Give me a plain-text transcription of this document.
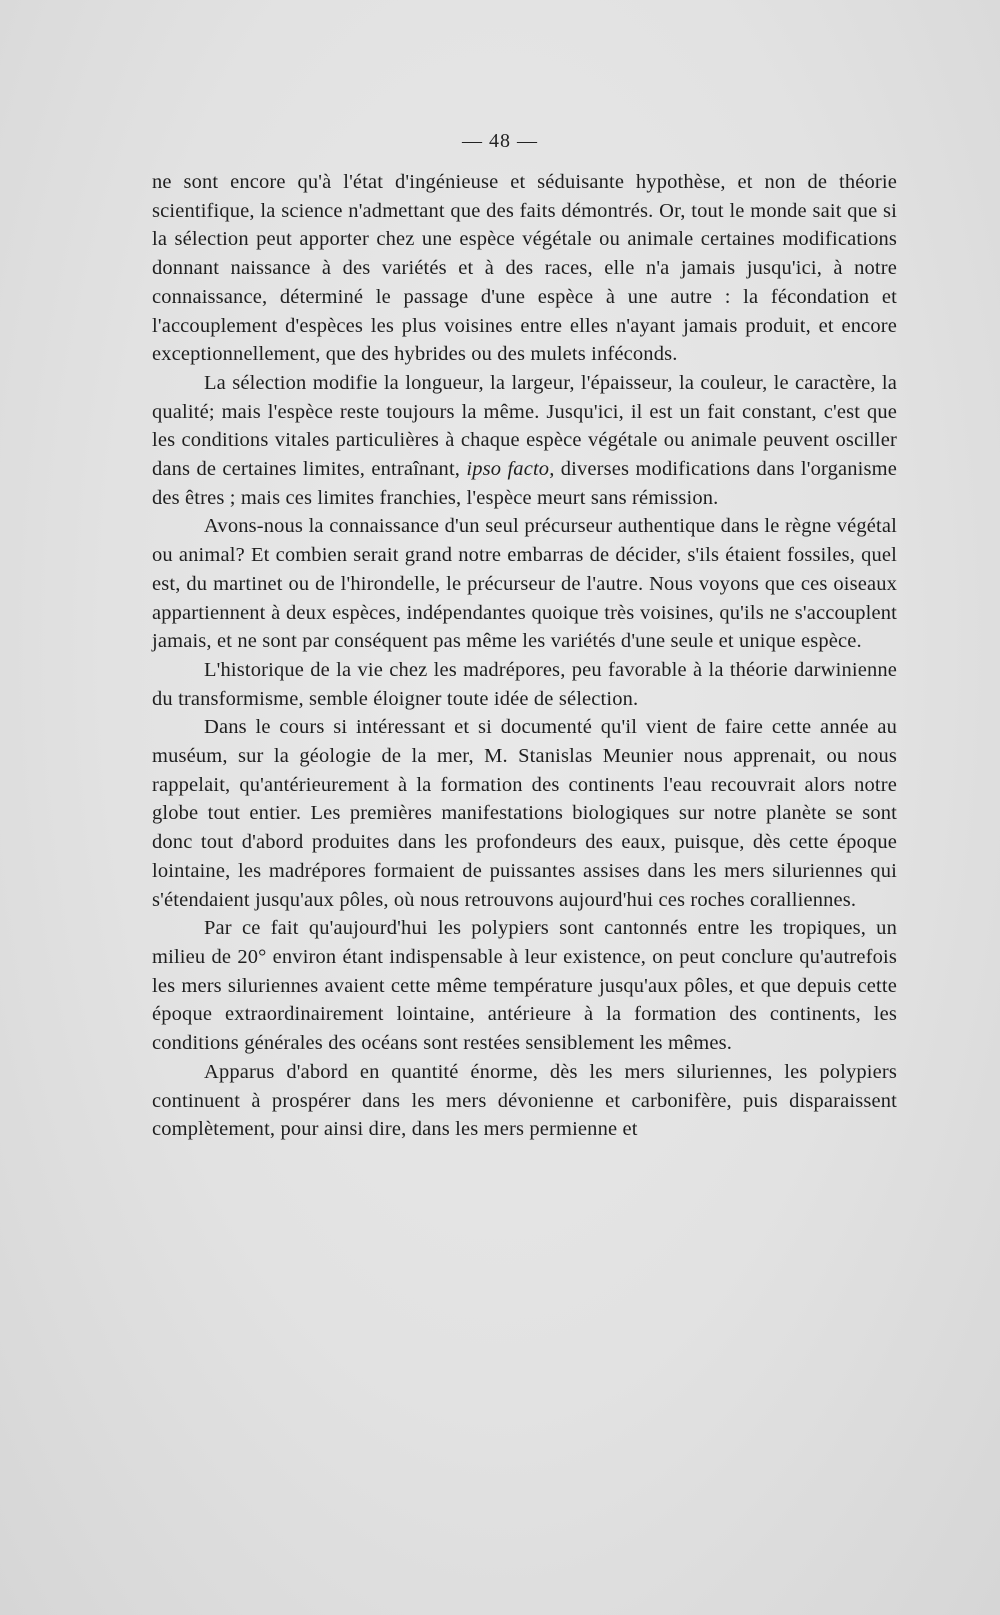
— 48 —

ne sont encore qu'à l'état d'ingénieuse et séduisante hypothèse, et non de théorie scientifique, la science n'admettant que des faits démontrés. Or, tout le monde sait que si la sélection peut apporter chez une espèce végétale ou animale certaines modifications donnant naissance à des variétés et à des races, elle n'a jamais jusqu'ici, à notre connaissance, déterminé le passage d'une espèce à une autre : la fécondation et l'accouplement d'espèces les plus voisines entre elles n'ayant jamais produit, et encore exceptionnellement, que des hybrides ou des mulets inféconds.

La sélection modifie la longueur, la largeur, l'épaisseur, la couleur, le caractère, la qualité; mais l'espèce reste toujours la même. Jusqu'ici, il est un fait constant, c'est que les conditions vitales particulières à chaque espèce végétale ou animale peuvent osciller dans de certaines limites, entraînant, ipso facto, diverses modifications dans l'organisme des êtres ; mais ces limites franchies, l'espèce meurt sans rémission.

Avons-nous la connaissance d'un seul précurseur authentique dans le règne végétal ou animal? Et combien serait grand notre embarras de décider, s'ils étaient fossiles, quel est, du martinet ou de l'hirondelle, le précurseur de l'autre. Nous voyons que ces oiseaux appartiennent à deux espèces, indépendantes quoique très voisines, qu'ils ne s'accouplent jamais, et ne sont par conséquent pas même les variétés d'une seule et unique espèce.

L'historique de la vie chez les madrépores, peu favorable à la théorie darwinienne du transformisme, semble éloigner toute idée de sélection.

Dans le cours si intéressant et si documenté qu'il vient de faire cette année au muséum, sur la géologie de la mer, M. Stanislas Meunier nous apprenait, ou nous rappelait, qu'antérieurement à la formation des continents l'eau recouvrait alors notre globe tout entier. Les premières manifestations biologiques sur notre planète se sont donc tout d'abord produites dans les profondeurs des eaux, puisque, dès cette époque lointaine, les madrépores formaient de puissantes assises dans les mers siluriennes qui s'étendaient jusqu'aux pôles, où nous retrouvons aujourd'hui ces roches coralliennes.

Par ce fait qu'aujourd'hui les polypiers sont cantonnés entre les tropiques, un milieu de 20° environ étant indispensable à leur existence, on peut conclure qu'autrefois les mers siluriennes avaient cette même température jusqu'aux pôles, et que depuis cette époque extraordinairement lointaine, antérieure à la formation des continents, les conditions générales des océans sont restées sensiblement les mêmes.

Apparus d'abord en quantité énorme, dès les mers siluriennes, les polypiers continuent à prospérer dans les mers dévonienne et carbonifère, puis disparaissent complètement, pour ainsi dire, dans les mers permienne et
